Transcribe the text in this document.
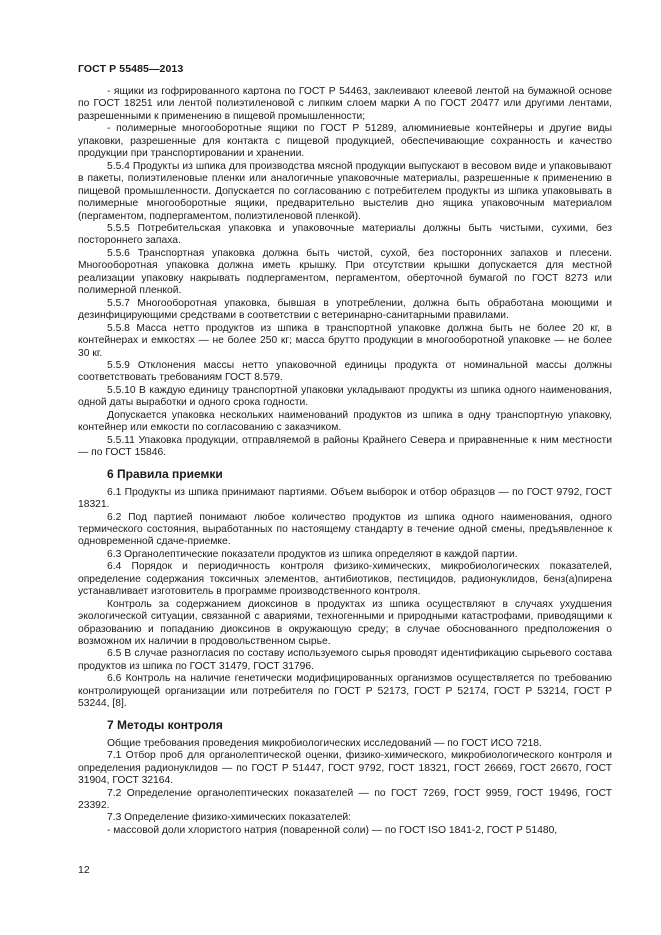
ГОСТ Р 55485—2013

- ящики из гофрированного картона по ГОСТ Р 54463, заклеивают клеевой лентой на бумажной основе по ГОСТ 18251 или лентой полиэтиленовой с липким слоем марки А по ГОСТ 20477 или другими лентами, разрешенными к применению в пищевой промышленности;

- полимерные многооборотные ящики по ГОСТ Р 51289, алюминиевые контейнеры и другие виды упаковки, разрешенные для контакта с пищевой продукцией, обеспечивающие сохранность и качество продукции при транспортировании и хранении.

5.5.4 Продукты из шпика для производства мясной продукции выпускают в весовом виде и упаковывают в пакеты, полиэтиленовые пленки или аналогичные упаковочные материалы, разрешенные к применению в пищевой промышленности. Допускается по согласованию с потребителем продукты из шпика упаковывать в полимерные многооборотные ящики, предварительно выстелив дно ящика упаковочным материалом (пергаментом, подпергаментом, полиэтиленовой пленкой).

5.5.5 Потребительская упаковка и упаковочные материалы должны быть чистыми, сухими, без постороннего запаха.

5.5.6 Транспортная упаковка должна быть чистой, сухой, без посторонних запахов и плесени. Многооборотная упаковка должна иметь крышку. При отсутствии крышки допускается для местной реализации упаковку накрывать подпергаментом, пергаментом, оберточной бумагой по ГОСТ 8273 или полимерной пленкой.

5.5.7 Многооборотная упаковка, бывшая в употреблении, должна быть обработана моющими и дезинфицирующими средствами в соответствии с ветеринарно-санитарными правилами.

5.5.8 Масса нетто продуктов из шпика в транспортной упаковке должна быть не более 20 кг, в контейнерах и емкостях — не более 250 кг; масса брутто продукции в многооборотной упаковке — не более 30 кг.

5.5.9 Отклонения массы нетто упаковочной единицы продукта от номинальной массы должны соответствовать требованиям ГОСТ 8.579.

5.5.10 В каждую единицу транспортной упаковки укладывают продукты из шпика одного наименования, одной даты выработки и одного срока годности.

Допускается упаковка нескольких наименований продуктов из шпика в одну транспортную упаковку, контейнер или емкости по согласованию с заказчиком.

5.5.11 Упаковка продукции, отправляемой в районы Крайнего Севера и приравненные к ним местности — по ГОСТ 15846.

6 Правила приемки

6.1 Продукты из шпика принимают партиями. Объем выборок и отбор образцов — по ГОСТ 9792, ГОСТ 18321.

6.2 Под партией понимают любое количество продуктов из шпика одного наименования, одного термического состояния, выработанных по настоящему стандарту в течение одной смены, предъявленное к одновременной сдаче-приемке.

6.3 Органолептические показатели продуктов из шпика определяют в каждой партии.

6.4 Порядок и периодичность контроля физико-химических, микробиологических показателей, определение содержания токсичных элементов, антибиотиков, пестицидов, радионуклидов, бенз(а)пирена устанавливает изготовитель в программе производственного контроля.

Контроль за содержанием диоксинов в продуктах из шпика осуществляют в случаях ухудшения экологической ситуации, связанной с авариями, техногенными и природными катастрофами, приводящими к образованию и попаданию диоксинов в окружающую среду; в случае обоснованного предположения о возможном их наличии в продовольственном сырье.

6.5 В случае разногласия по составу используемого сырья проводят идентификацию сырьевого состава продуктов из шпика по ГОСТ 31479, ГОСТ 31796.

6.6 Контроль на наличие генетически модифицированных организмов осуществляется по требованию контролирующей организации или потребителя по ГОСТ Р 52173, ГОСТ Р 52174, ГОСТ Р 53214, ГОСТ Р 53244, [8].

7 Методы контроля

Общие требования проведения микробиологических исследований — по ГОСТ ИСО 7218.

7.1 Отбор проб для органолептической оценки, физико-химического, микробиологического контроля и определения радионуклидов — по ГОСТ Р 51447, ГОСТ 9792, ГОСТ 18321, ГОСТ 26669, ГОСТ 26670, ГОСТ 31904, ГОСТ 32164.

7.2 Определение органолептических показателей — по ГОСТ 7269, ГОСТ 9959, ГОСТ 19496, ГОСТ 23392.

7.3 Определение физико-химических показателей:

- массовой доли хлористого натрия (поваренной соли) — по ГОСТ ISO 1841-2, ГОСТ Р 51480,

12
